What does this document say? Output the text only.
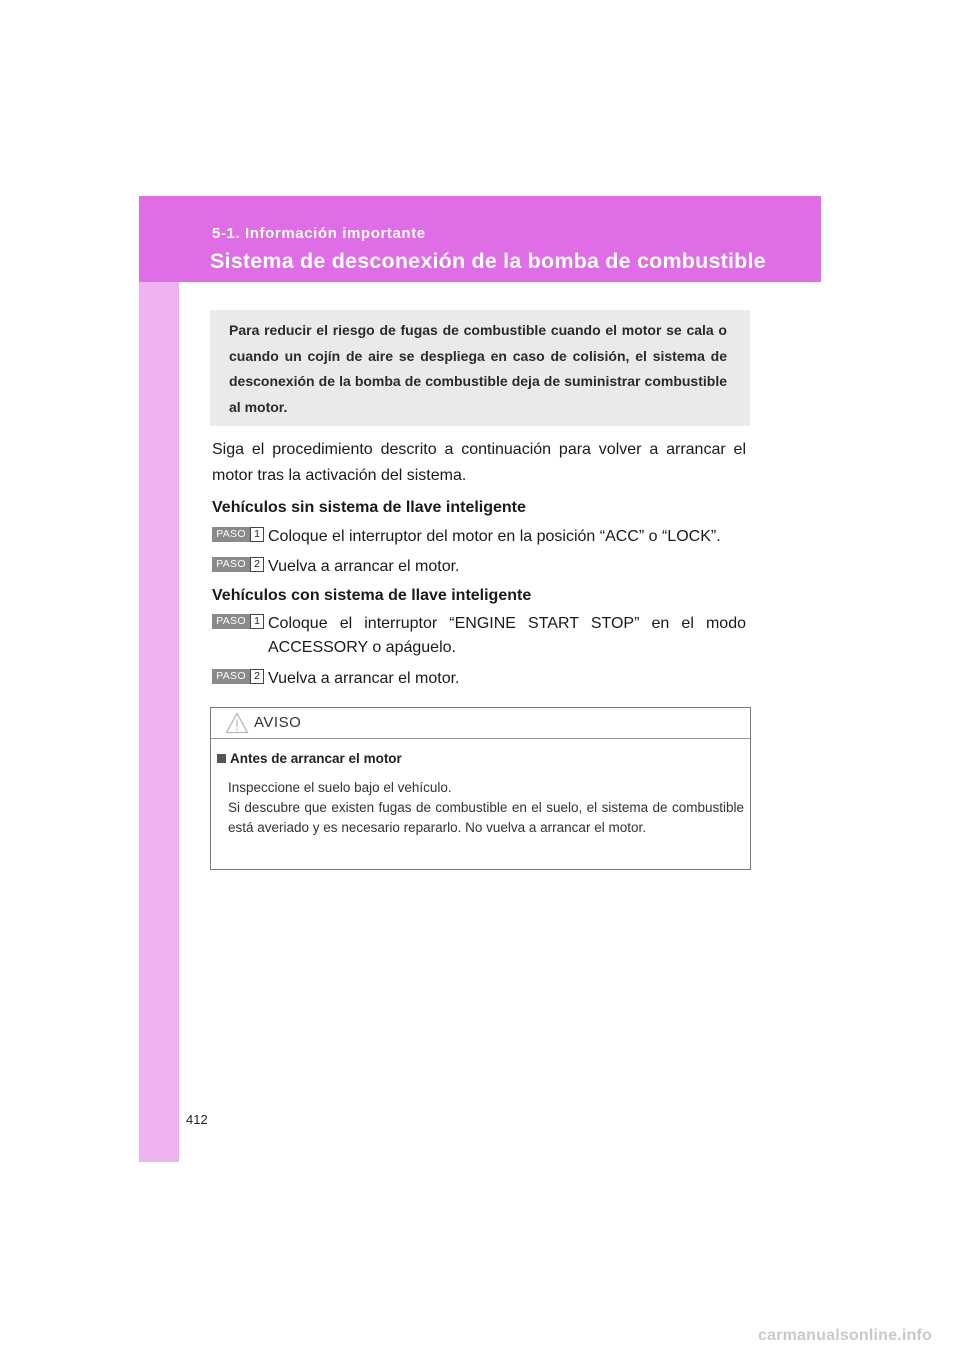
5-1. Información importante
Sistema de desconexión de la bomba de combustible
Para reducir el riesgo de fugas de combustible cuando el motor se cala o cuando un cojín de aire se despliega en caso de colisión, el sistema de desconexión de la bomba de combustible deja de suministrar combustible al motor.
Siga el procedimiento descrito a continuación para volver a arrancar el motor tras la activación del sistema.
Vehículos sin sistema de llave inteligente
PASO 1 Coloque el interruptor del motor en la posición “ACC” o “LOCK”.
PASO 2 Vuelva a arrancar el motor.
Vehículos con sistema de llave inteligente
PASO 1 Coloque el interruptor “ENGINE START STOP” en el modo ACCESSORY o apáguelo.
PASO 2 Vuelva a arrancar el motor.
AVISO
Antes de arrancar el motor

Inspeccione el suelo bajo el vehículo.

Si descubre que existen fugas de combustible en el suelo, el sistema de combustible está averiado y es necesario repararlo. No vuelva a arrancar el motor.

412
carmanualsonline.info
